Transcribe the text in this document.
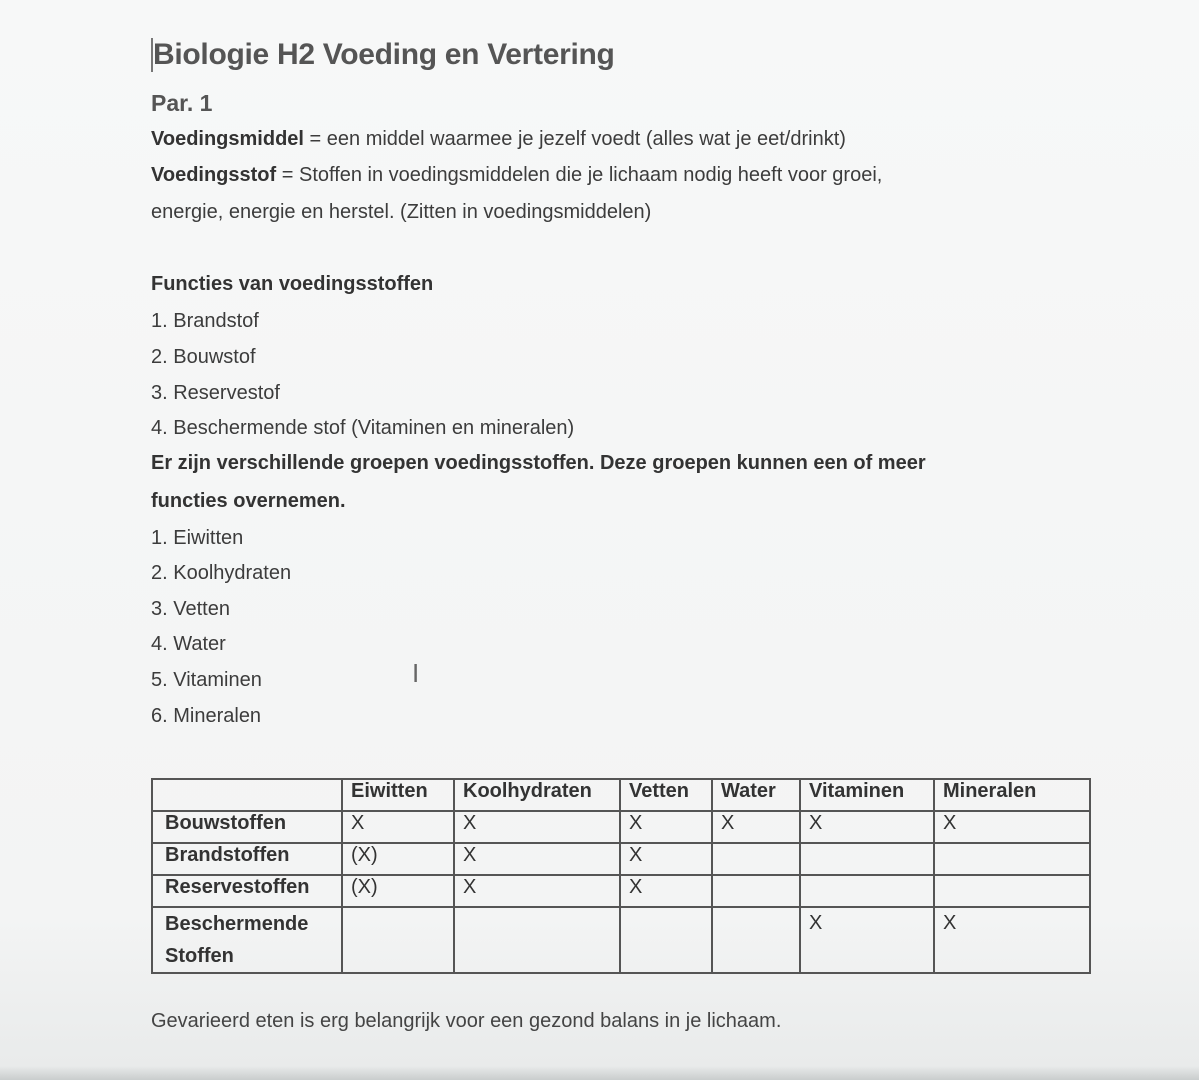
Biologie H2 Voeding en Vertering
Par. 1
Voedingsmiddel = een middel waarmee je jezelf voedt (alles wat je eet/drinkt)
Voedingsstof = Stoffen in voedingsmiddelen die je lichaam nodig heeft voor groei,
energie, energie en herstel. (Zitten in voedingsmiddelen)
Functies van voedingsstoffen
1. Brandstof
2. Bouwstof
3. Reservestof
4. Beschermende stof (Vitaminen en mineralen)
Er zijn verschillende groepen voedingsstoffen. Deze groepen kunnen een of meer
functies overnemen.
1. Eiwitten
2. Koolhydraten
3. Vetten
4. Water
5. Vitaminen
6. Mineralen
I
	Eiwitten	Koolhydraten	Vetten	Water	Vitaminen	Mineralen
Bouwstoffen	X	X	X	X	X	X
Brandstoffen	(X)	X	X			
Reservestoffen	(X)	X	X			

Beschermende
Stoffen					X	X
Gevarieerd eten is erg belangrijk voor een gezond balans in je lichaam.
